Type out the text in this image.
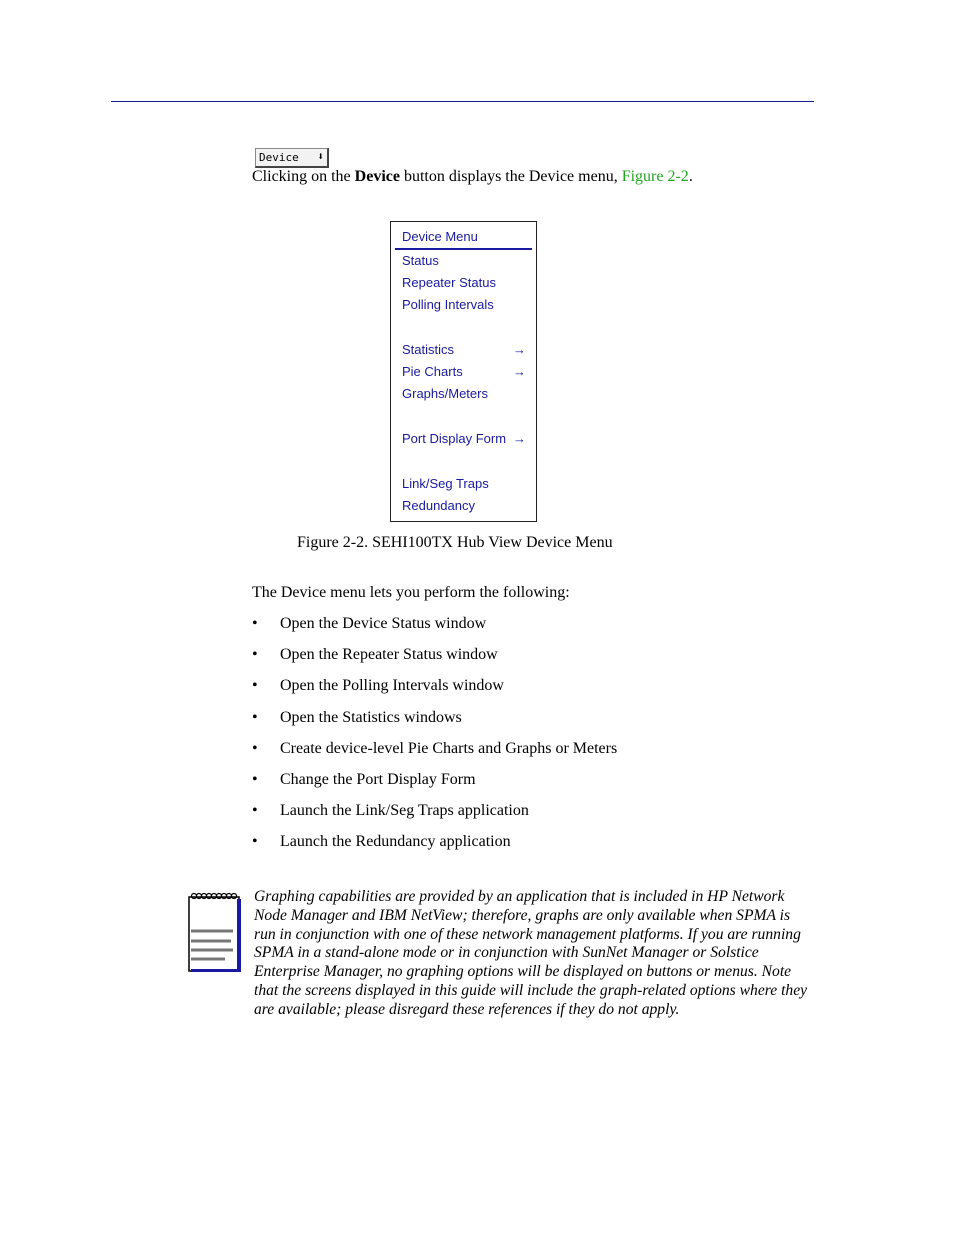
Device ⬇
Clicking on the Device button displays the Device menu, Figure 2-2.
Device Menu
Status
Repeater Status
Polling Intervals
Statistics	→
Pie Charts	→
Graphs/Meters
Port Display Form →
Link/Seg Traps
Redundancy
Figure 2-2. SEHI100TX Hub View Device Menu
The Device menu lets you perform the following:
• Open the Device Status window
• Open the Repeater Status window
• Open the Polling Intervals window
• Open the Statistics windows
• Create device-level Pie Charts and Graphs or Meters
• Change the Port Display Form
• Launch the Link/Seg Traps application
• Launch the Redundancy application
Graphing capabilities are provided by an application that is included in HP Network Node Manager and IBM NetView; therefore, graphs are only available when SPMA is run in conjunction with one of these network management platforms. If you are running SPMA in a stand-alone mode or in conjunction with SunNet Manager or Solstice Enterprise Manager, no graphing options will be displayed on buttons or menus. Note that the screens displayed in this guide will include the graph-related options where they are available; please disregard these references if they do not apply.
